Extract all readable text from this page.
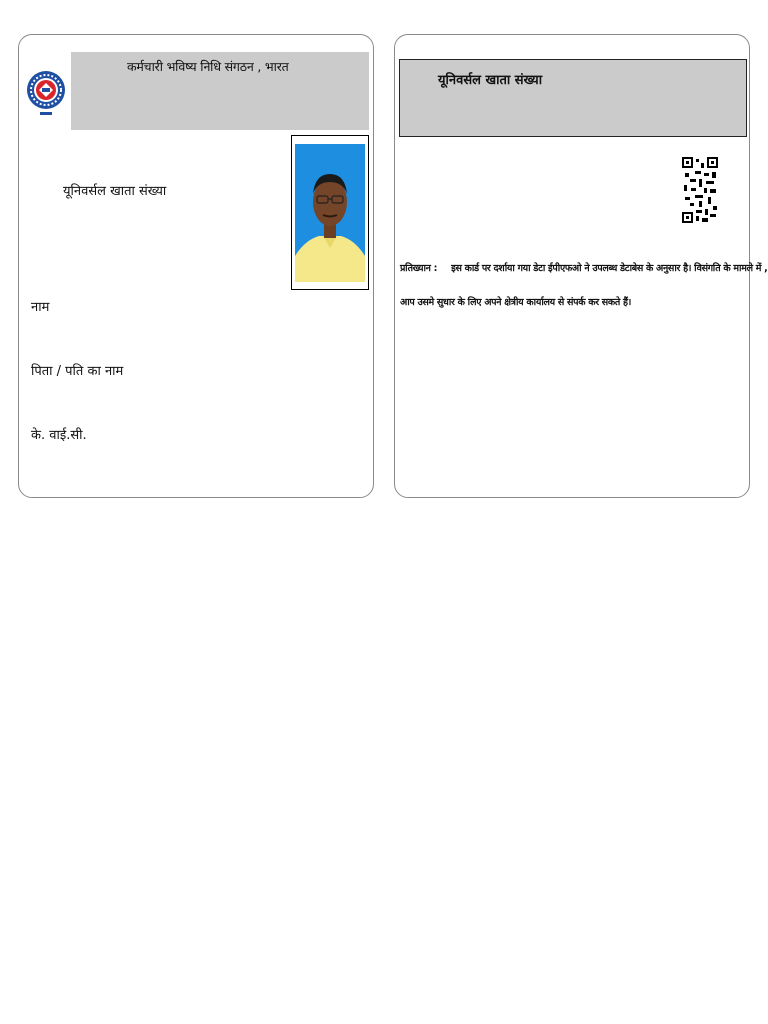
कर्मचारी भविष्य निधि संगठन , भारत
यूनिवर्सल खाता संख्या
नाम
पिता / पति का नाम
के. वाई.सी.
यूनिवर्सल खाता संख्या
प्रतिख्यान : इस कार्ड पर दर्शाया गया डेटा ईपीएफओ ने उपलब्ध डेटाबेस के अनुसार है। विसंगति के मामले में ,
आप उसमे सुधार के लिए अपने क्षेत्रीय कार्यालय से संपर्क कर सकते हैं।
